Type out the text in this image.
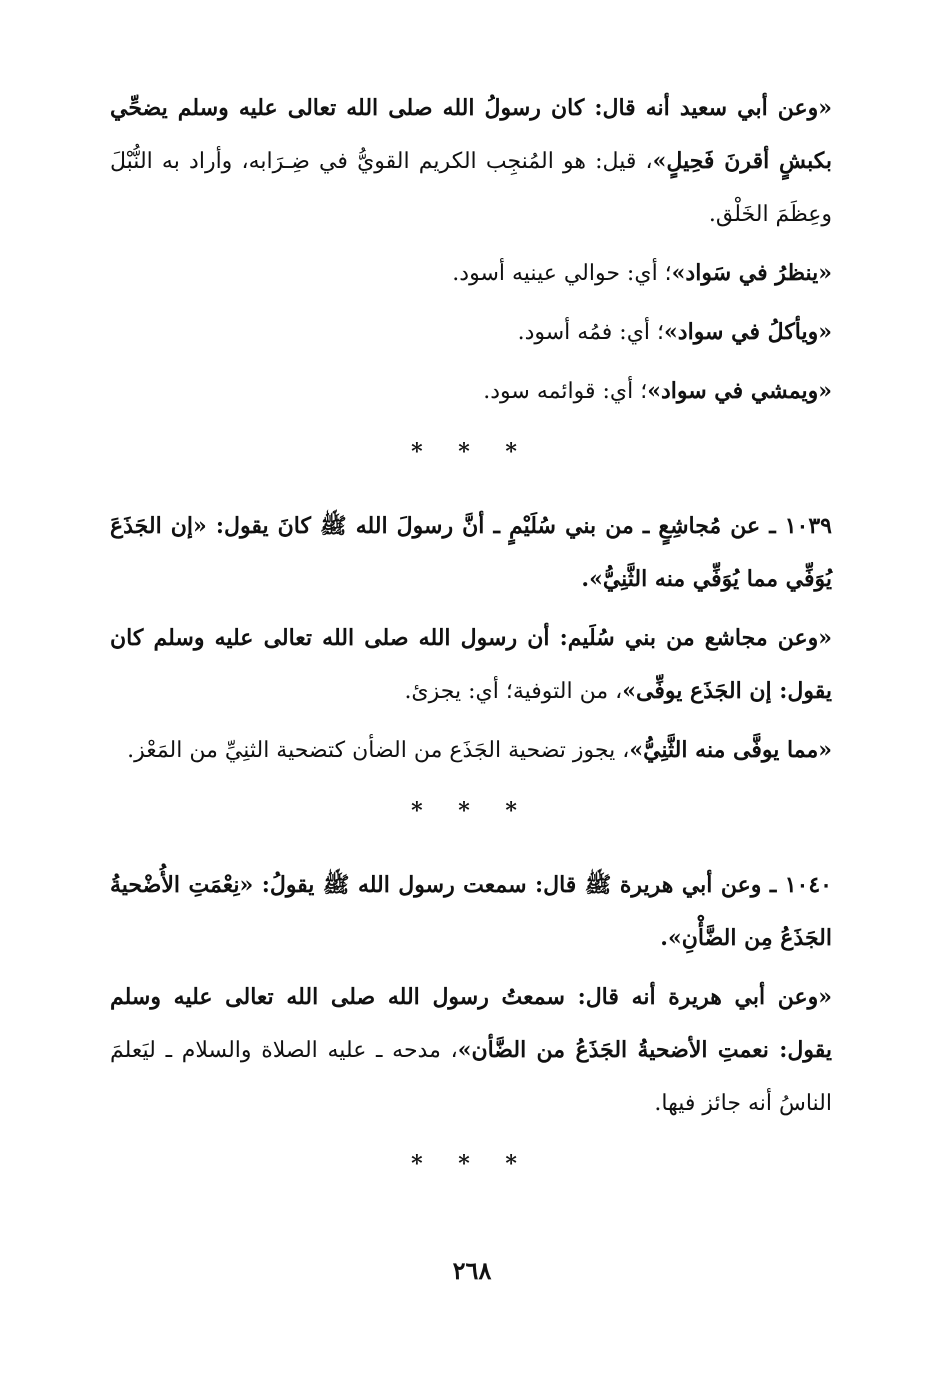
«وعن أبي سعيد أنه قال: كان رسولُ الله صلى الله تعالى عليه وسلم يضحِّي بكبشٍ أقرنَ فَحِيلٍ»، قيل: هو المُنجِب الكريم القويُّ في ضِـرَابه، وأراد به النُّبْلَ وعِظَمَ الخَلْق.

«ينظرُ في سَواد»؛ أي: حوالي عينيه أسود.

«ويأكلُ في سواد»؛ أي: فمُه أسود.

«ويمشي في سواد»؛ أي: قوائمه سود.

* * *

١٠٣٩ ـ عن مُجاشِعٍ ـ من بني سُلَيْمٍ ـ أنَّ رسولَ الله ﷺ كانَ يقول: «إن الجَذَعَ يُوَفِّي مما يُوَفِّي منه الثَّنِيُّ».

«وعن مجاشع من بني سُلَيم: أن رسول الله صلى الله تعالى عليه وسلم كان يقول: إن الجَذَع يوفِّى»، من التوفية؛ أي: يجزئ.

«مما يوفَّى منه الثَّنِيُّ»، يجوز تضحية الجَذَع من الضأن كتضحية الثنِيِّ من المَعْز.

* * *

١٠٤٠ ـ وعن أبي هريرة ﷺ قال: سمعت رسول الله ﷺ يقولُ: «نِعْمَتِ الأُضْحيةُ الجَذَعُ مِن الضَّأْنِ».

«وعن أبي هريرة أنه قال: سمعتُ رسول الله صلى الله تعالى عليه وسلم يقول: نعمتِ الأضحيةُ الجَذَعُ من الضَّأن»، مدحه ـ عليه الصلاة والسلام ـ ليَعلمَ الناسُ أنه جائز فيها.

* * *
٢٦٨
